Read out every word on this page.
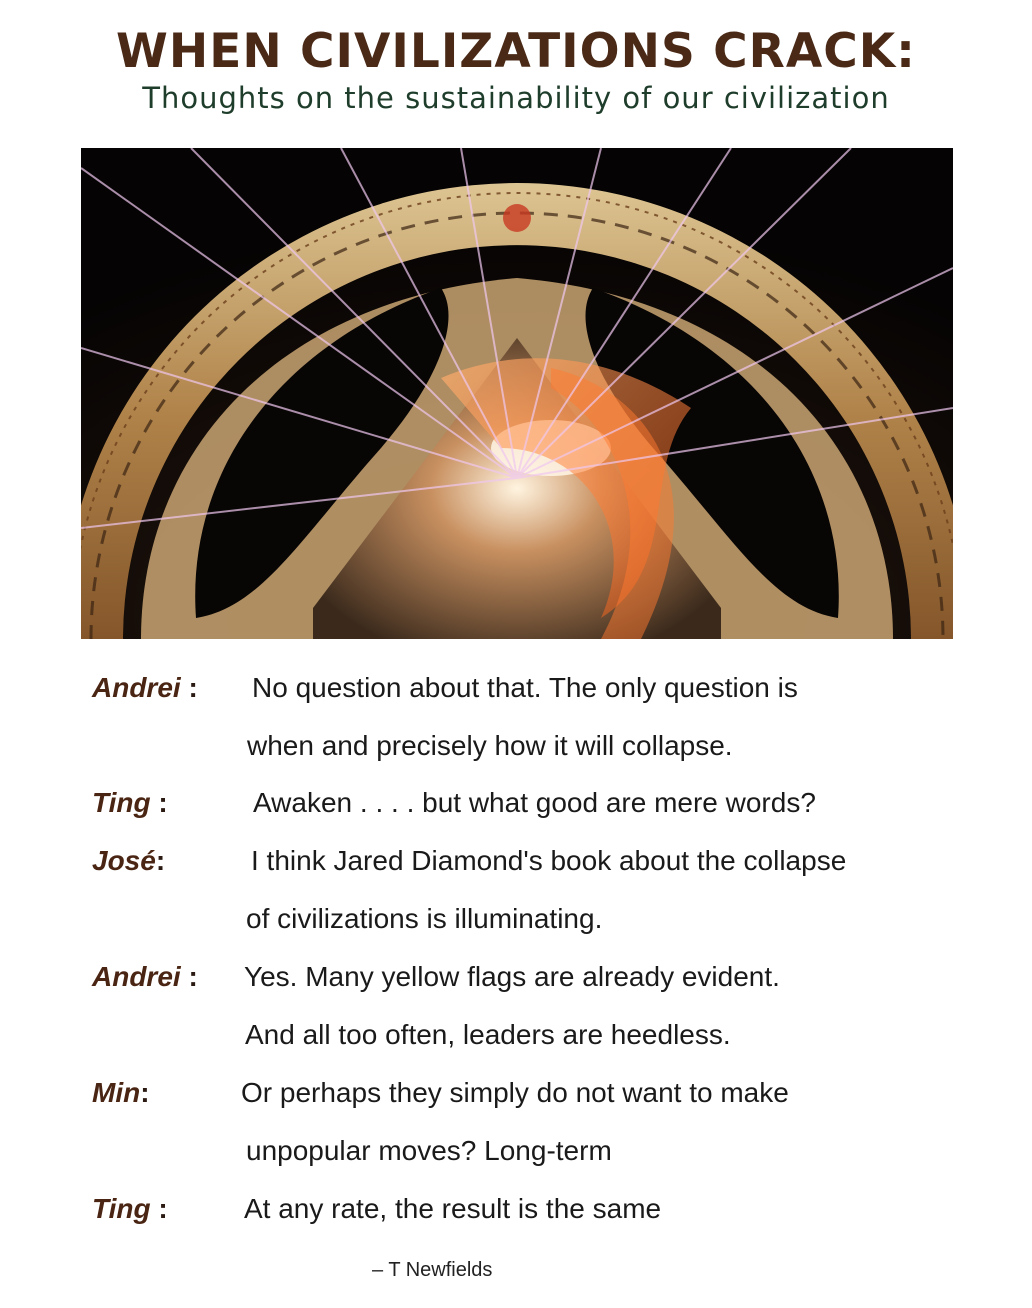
WHEN CIVILIZATIONS CRACK:
Thoughts on the sustainability of our civilization
Andrei : No question about that. The only question is
when and precisely how it will collapse.
Ting :	Awaken . . . . but what good are mere words?
José:	I think Jared Diamond's book about the collapse
of civilizations is illuminating.
Andrei : Yes. Many yellow flags are already evident.
And all too often, leaders are heedless.
Min:	Or perhaps they simply do not want to make
unpopular moves? Long-term
Ting :	At any rate, the result is the same
– T Newfields
